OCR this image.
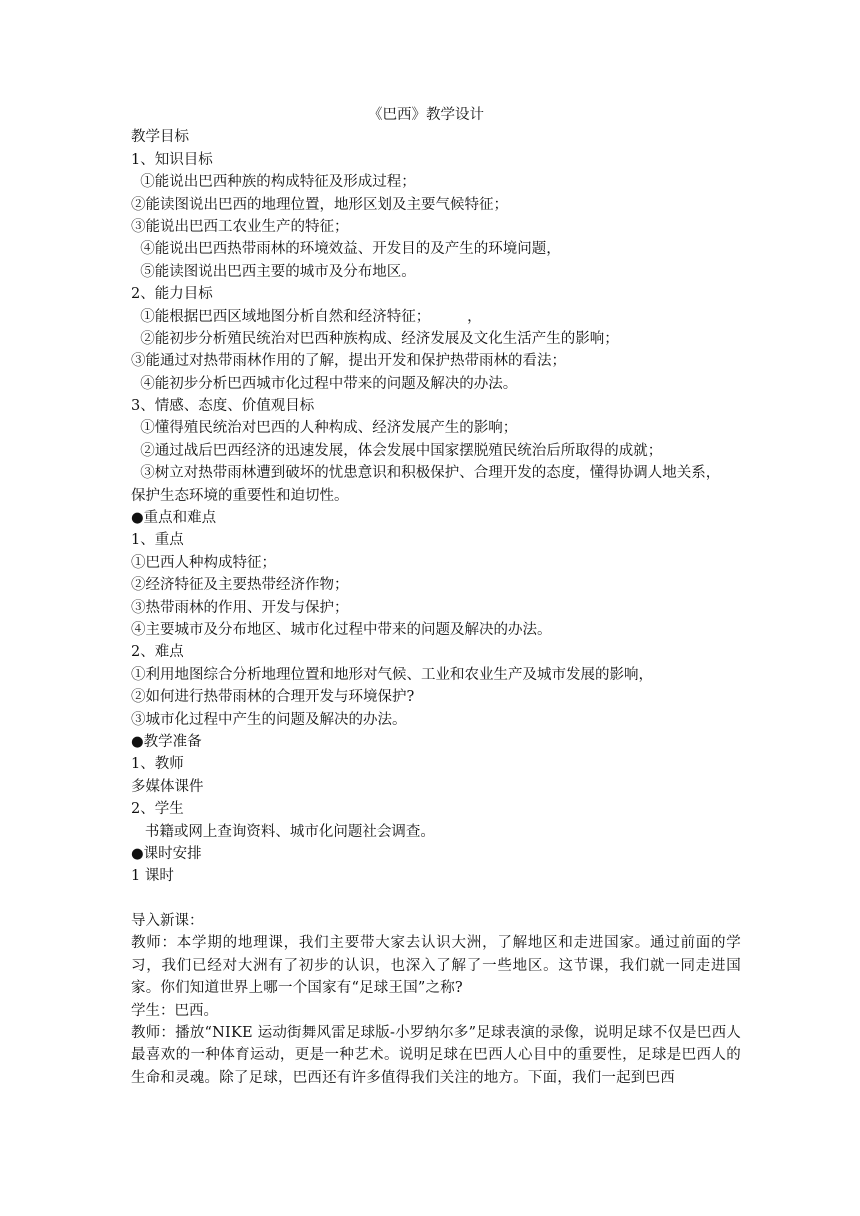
《巴西》教学设计
教学目标
1、知识目标
①能说出巴西种族的构成特征及形成过程；
②能读图说出巴西的地理位置，地形区划及主要气候特征；
③能说出巴西工农业生产的特征；
④能说出巴西热带雨林的环境效益、开发目的及产生的环境问题，
⑤能读图说出巴西主要的城市及分布地区。
2、能力目标
①能根据巴西区域地图分析自然和经济特征；        ，
②能初步分析殖民统治对巴西种族构成、经济发展及文化生活产生的影响；
③能通过对热带雨林作用的了解，提出开发和保护热带雨林的看法；
④能初步分析巴西城市化过程中带来的问题及解决的办法。
3、情感、态度、价值观目标
①懂得殖民统治对巴西的人种构成、经济发展产生的影响；
②通过战后巴西经济的迅速发展，体会发展中国家摆脱殖民统治后所取得的成就；
③树立对热带雨林遭到破坏的忧患意识和积极保护、合理开发的态度，懂得协调人地关系，
保护生态环境的重要性和迫切性。
●重点和难点
1、重点
①巴西人种构成特征；
②经济特征及主要热带经济作物；
③热带雨林的作用、开发与保护；
④主要城市及分布地区、城市化过程中带来的问题及解决的办法。
2、难点
①利用地图综合分析地理位置和地形对气候、工业和农业生产及城市发展的影响，
②如何进行热带雨林的合理开发与环境保护?
③城市化过程中产生的问题及解决的办法。
●教学准备
1、教师
多媒体课件
2、学生
书籍或网上查询资料、城市化问题社会调查。
●课时安排
1 课时
导入新课：
教师：本学期的地理课，我们主要带大家去认识大洲，了解地区和走进国家。通过前面的学习，我们已经对大洲有了初步的认识，也深入了解了一些地区。这节课，我们就一同走进国家。你们知道世界上哪一个国家有“足球王国”之称?
学生：巴西。
教师：播放“NIKE 运动街舞风雷足球版-小罗纳尔多”足球表演的录像，说明足球不仅是巴西人最喜欢的一种体育运动，更是一种艺术。说明足球在巴西人心目中的重要性，足球是巴西人的生命和灵魂。除了足球，巴西还有许多值得我们关注的地方。下面，我们一起到巴西
